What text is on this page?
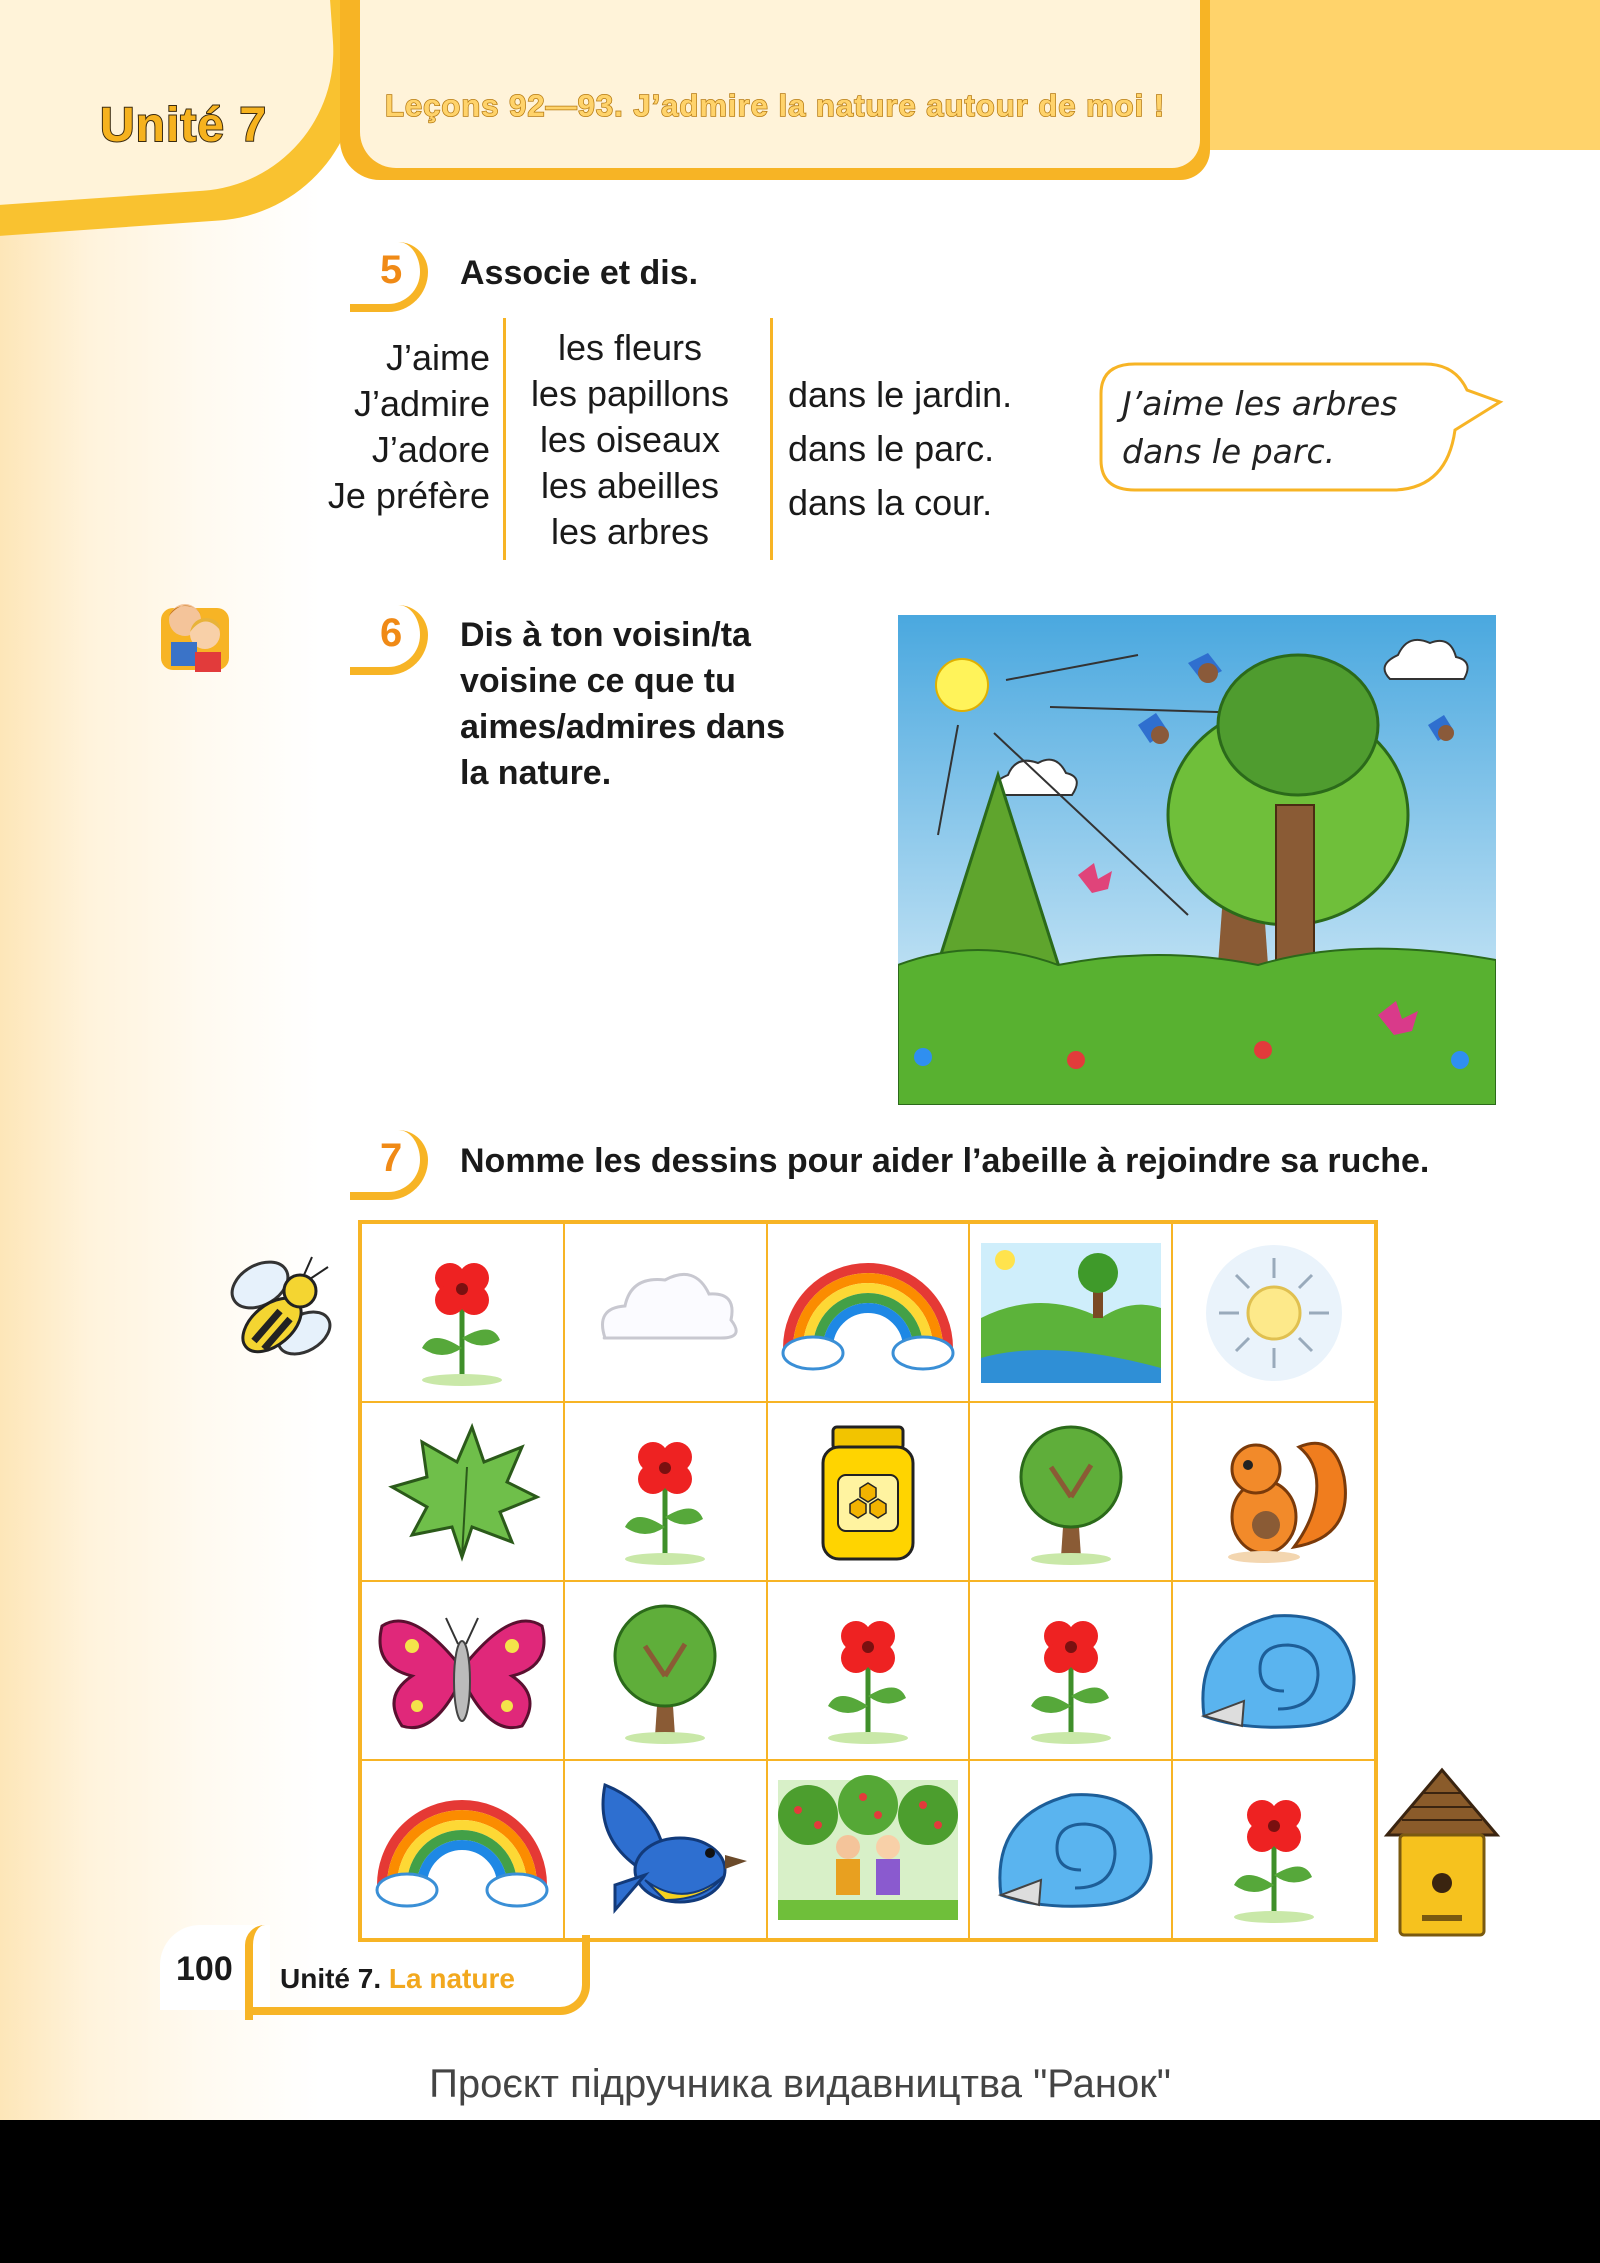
Unité 7	Leçons 92—93. J’admire la nature autour de moi !
5 Associe et dis.
J’aime
J’admire
J’adore
Je préfère
les fleurs
les papillons
les oiseaux
les abeilles
les arbres
dans le jardin.
dans le parc.
dans la cour.
J’aime les arbres
dans le parc.
6 Dis à ton voisin/ta
voisine ce que tu
aimes/admires dans
la nature.
7 Nomme les dessins pour aider l’abeille à rejoindre sa ruche.
100 Unité 7. La nature
Проєкт підручника видавництва "Ранок"
